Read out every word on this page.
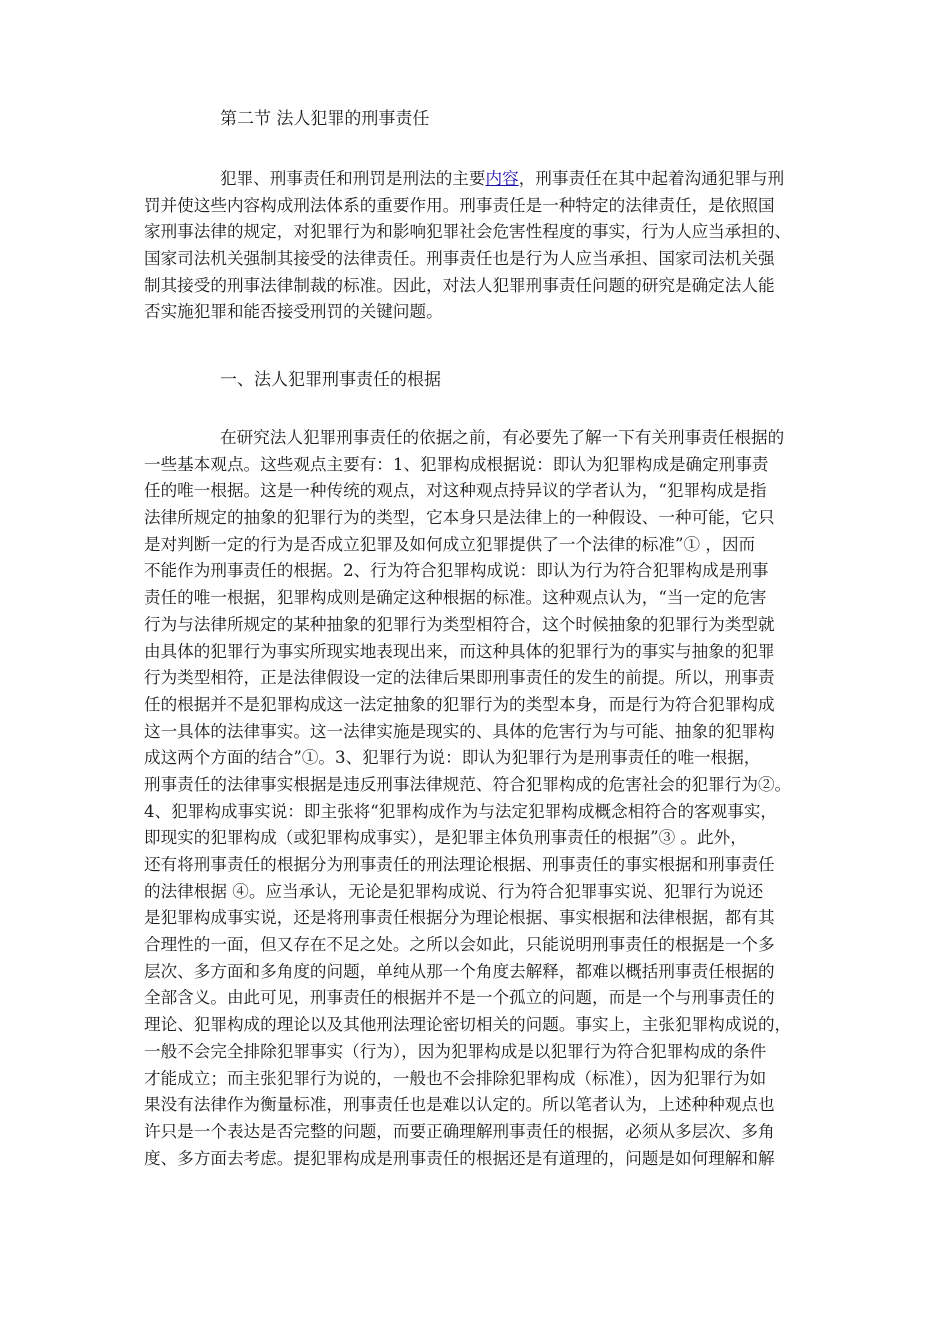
第二节 法人犯罪的刑事责任
犯罪、刑事责任和刑罚是刑法的主要内容，刑事责任在其中起着沟通犯罪与刑
罚并使这些内容构成刑法体系的重要作用。刑事责任是一种特定的法律责任，是依照国
家刑事法律的规定，对犯罪行为和影响犯罪社会危害性程度的事实，行为人应当承担的、
国家司法机关强制其接受的法律责任。刑事责任也是行为人应当承担、国家司法机关强
制其接受的刑事法律制裁的标准。因此，对法人犯罪刑事责任问题的研究是确定法人能
否实施犯罪和能否接受刑罚的关键问题。
一、法人犯罪刑事责任的根据
在研究法人犯罪刑事责任的依据之前，有必要先了解一下有关刑事责任根据的
一些基本观点。这些观点主要有：1、犯罪构成根据说：即认为犯罪构成是确定刑事责
任的唯一根据。这是一种传统的观点，对这种观点持异议的学者认为，“犯罪构成是指
法律所规定的抽象的犯罪行为的类型，它本身只是法律上的一种假设、一种可能，它只
是对判断一定的行为是否成立犯罪及如何成立犯罪提供了一个法律的标准”① ，因而
不能作为刑事责任的根据。2、行为符合犯罪构成说：即认为行为符合犯罪构成是刑事
责任的唯一根据，犯罪构成则是确定这种根据的标准。这种观点认为，“当一定的危害
行为与法律所规定的某种抽象的犯罪行为类型相符合，这个时候抽象的犯罪行为类型就
由具体的犯罪行为事实所现实地表现出来，而这种具体的犯罪行为的事实与抽象的犯罪
行为类型相符，正是法律假设一定的法律后果即刑事责任的发生的前提。所以，刑事责
任的根据并不是犯罪构成这一法定抽象的犯罪行为的类型本身，而是行为符合犯罪构成
这一具体的法律事实。这一法律实施是现实的、具体的危害行为与可能、抽象的犯罪构
成这两个方面的结合”①。3、犯罪行为说：即认为犯罪行为是刑事责任的唯一根据，
刑事责任的法律事实根据是违反刑事法律规范、符合犯罪构成的危害社会的犯罪行为②。
4、犯罪构成事实说：即主张将“犯罪构成作为与法定犯罪构成概念相符合的客观事实，
即现实的犯罪构成（或犯罪构成事实），是犯罪主体负刑事责任的根据”③ 。此外，
还有将刑事责任的根据分为刑事责任的刑法理论根据、刑事责任的事实根据和刑事责任
的法律根据 ④。应当承认，无论是犯罪构成说、行为符合犯罪事实说、犯罪行为说还
是犯罪构成事实说，还是将刑事责任根据分为理论根据、事实根据和法律根据，都有其
合理性的一面，但又存在不足之处。之所以会如此，只能说明刑事责任的根据是一个多
层次、多方面和多角度的问题，单纯从那一个角度去解释，都难以概括刑事责任根据的
全部含义。由此可见，刑事责任的根据并不是一个孤立的问题，而是一个与刑事责任的
理论、犯罪构成的理论以及其他刑法理论密切相关的问题。事实上，主张犯罪构成说的，
一般不会完全排除犯罪事实（行为），因为犯罪构成是以犯罪行为符合犯罪构成的条件
才能成立；而主张犯罪行为说的，一般也不会排除犯罪构成（标准），因为犯罪行为如
果没有法律作为衡量标准，刑事责任也是难以认定的。所以笔者认为，上述种种观点也
许只是一个表达是否完整的问题，而要正确理解刑事责任的根据，必须从多层次、多角
度、多方面去考虑。提犯罪构成是刑事责任的根据还是有道理的，问题是如何理解和解
